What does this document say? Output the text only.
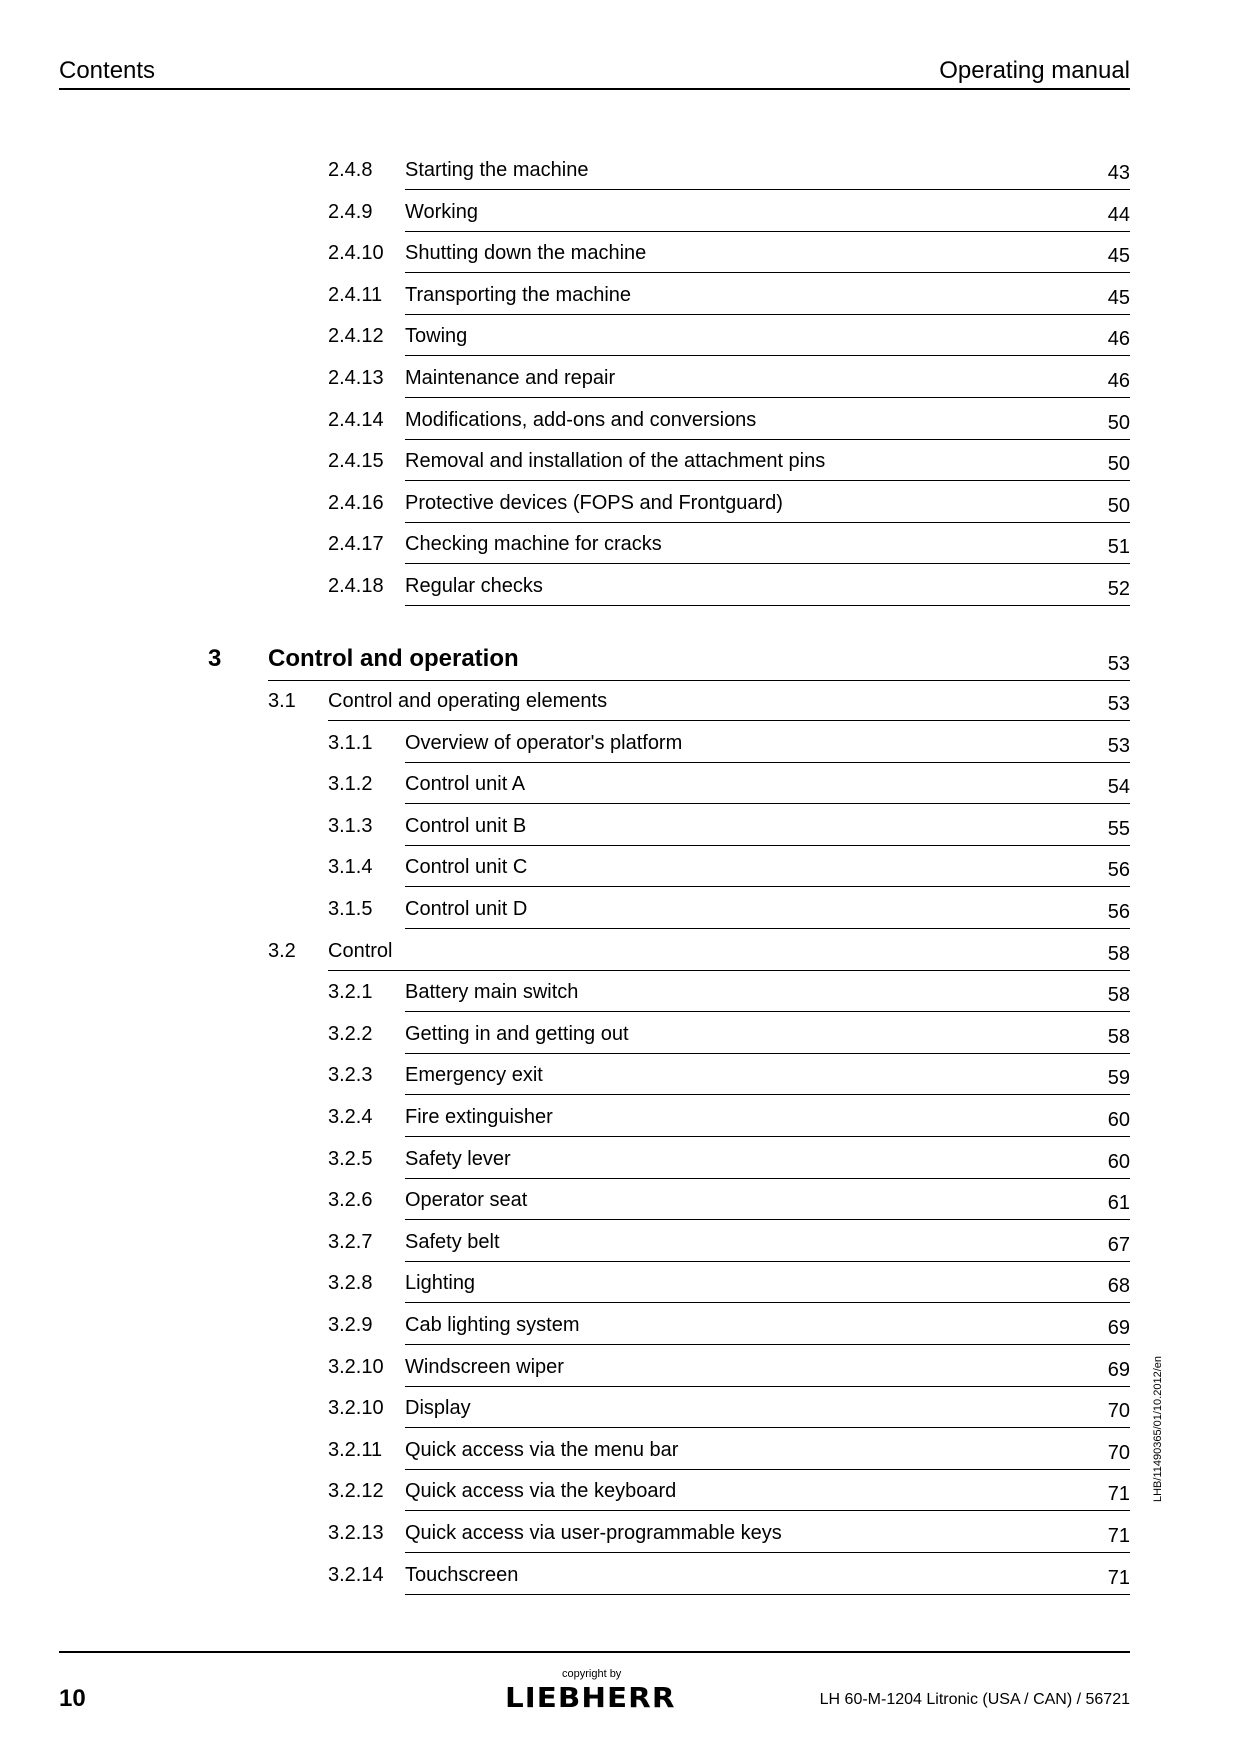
Contents	Operating manual
2.4.8 Starting the machine	43
2.4.9 Working	44
2.4.10 Shutting down the machine	45
2.4.11 Transporting the machine	45
2.4.12 Towing	46
2.4.13 Maintenance and repair	46
2.4.14 Modifications, add-ons and conversions	50
2.4.15 Removal and installation of the attachment pins	50
2.4.16 Protective devices (FOPS and Frontguard)	50
2.4.17 Checking machine for cracks	51
2.4.18 Regular checks	52
3 Control and operation	53
3.1 Control and operating elements	53
3.1.1 Overview of operator's platform	53
3.1.2 Control unit A	54
3.1.3 Control unit B	55
3.1.4 Control unit C	56
3.1.5 Control unit D	56
3.2 Control	58
3.2.1 Battery main switch	58
3.2.2 Getting in and getting out	58
3.2.3 Emergency exit	59
3.2.4 Fire extinguisher	60
3.2.5 Safety lever	60
3.2.6 Operator seat	61
3.2.7 Safety belt	67
3.2.8 Lighting	68
3.2.9 Cab lighting system	69
3.2.10 Windscreen wiper	69
3.2.10 Display	70
3.2.11 Quick access via the menu bar	70
3.2.12 Quick access via the keyboard	71
3.2.13 Quick access via user-programmable keys	71
3.2.14 Touchscreen	71
LHB/11490365/01/10.2012/en
10
copyright by
LIEBHERR	LH 60-M-1204 Litronic (USA / CAN) / 56721
